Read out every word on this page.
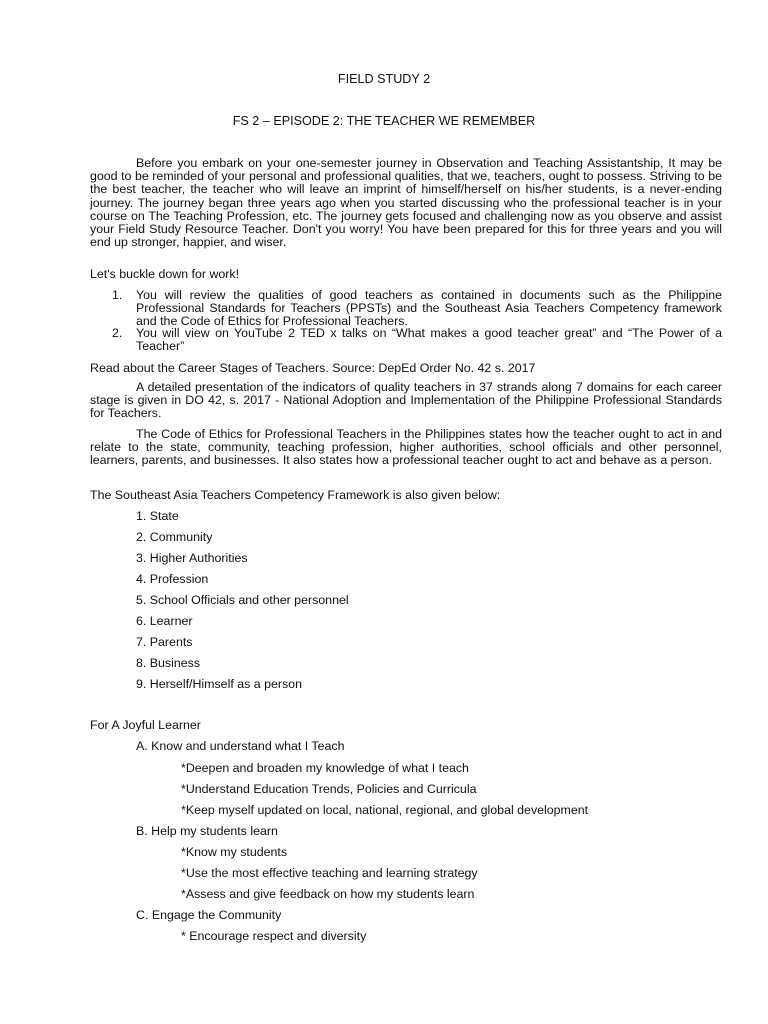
FIELD STUDY 2
FS 2 – EPISODE 2: THE TEACHER WE REMEMBER

Before you embark on your one-semester journey in Observation and Teaching Assistantship, It may be good to be reminded of your personal and professional qualities, that we, teachers, ought to possess. Striving to be the best teacher, the teacher who will leave an imprint of himself/herself on his/her students, is a never-ending journey. The journey began three years ago when you started discussing who the professional teacher is in your course on The Teaching Profession, etc. The journey gets focused and challenging now as you observe and assist your Field Study Resource Teacher. Don't you worry! You have been prepared for this for three years and you will end up stronger, happier, and wiser.

Let's buckle down for work!
1.	You will review the qualities of good teachers as contained in documents such as the Philippine Professional Standards for Teachers (PPSTs) and the Southeast Asia Teachers Competency framework and the Code of Ethics for Professional Teachers.
2.	You will view on YouTube 2 TED x talks on “What makes a good teacher great” and “The Power of a Teacher”
Read about the Career Stages of Teachers. Source: DepEd Order No. 42 s. 2017

A detailed presentation of the indicators of quality teachers in 37 strands along 7 domains for each career stage is given in DO 42, s. 2017 - National Adoption and Implementation of the Philippine Professional Standards for Teachers.

The Code of Ethics for Professional Teachers in the Philippines states how the teacher ought to act in and relate to the state, community, teaching profession, higher authorities, school officials and other personnel, learners, parents, and businesses. It also states how a professional teacher ought to act and behave as a person.

The Southeast Asia Teachers Competency Framework is also given below:
1. State
2. Community
3. Higher Authorities
4. Profession
5. School Officials and other personnel
6. Learner
7. Parents
8. Business
9. Herself/Himself as a person
For A Joyful Learner
A. Know and understand what I Teach
*Deepen and broaden my knowledge of what I teach
*Understand Education Trends, Policies and Curricula
*Keep myself updated on local, national, regional, and global development
B. Help my students learn
*Know my students
*Use the most effective teaching and learning strategy
*Assess and give feedback on how my students learn
C. Engage the Community
* Encourage respect and diversity
